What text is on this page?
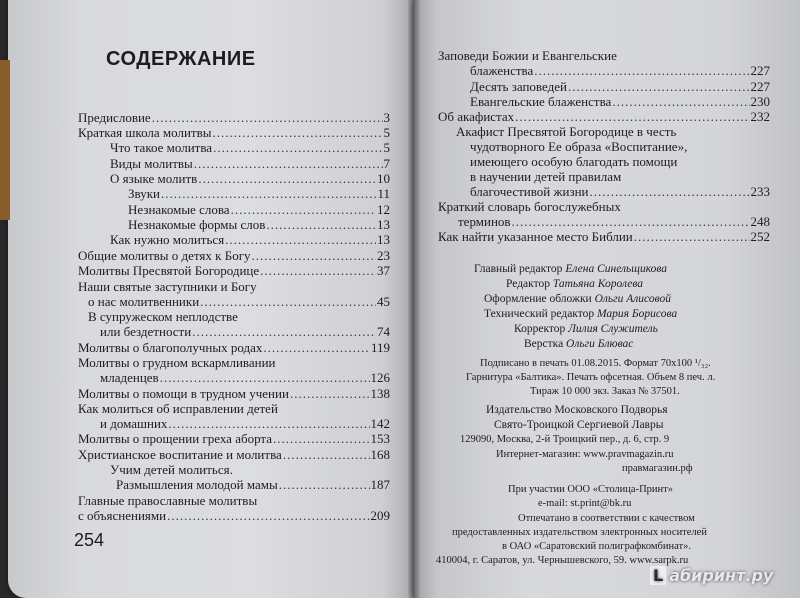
СОДЕРЖАНИЕ
Предисловие .....	3
Краткая школа молитвы .....	5
Что такое молитва .....	5
Виды молитвы .....	7
О языке молитв .....	10
Звуки .....	11
Незнакомые слова .....	12
Незнакомые формы слов .....	13
Как нужно молиться .....	13
Общие молитвы о детях к Богу .....	23
Молитвы Пресвятой Богородице .....	37
Наши святые заступники и Богу
о нас молитвенники .....	45
В супружеском неплодстве
или бездетности .....	74
Молитвы о благополучных родах .....	119
Молитвы о грудном вскармливании
младенцев .....	126
Молитвы о помощи в трудном учении .....	138
Как молиться об исправлении детей
и домашних .....	142
Молитвы о прощении греха аборта .....	153
Христианское воспитание и молитва .....	168
Учим детей молиться.
Размышления молодой мамы .....	187
Главные православные молитвы
с объяснениями .....	209
254
Заповеди Божии и Евангельские
блаженства .....	227
Десять заповедей .....	227
Евангельские блаженства .....	230
Об акафистах .....	232
Акафист Пресвятой Богородице в честь
чудотворного Ее образа «Воспитание»,
имеющего особую благодать помощи
в научении детей правилам
благочестивой жизни .....	233
Краткий словарь богослужебных
терминов .....	248
Как найти указанное место Библии .....	252
Главный редактор Елена Синельщикова
Редактор Татьяна Королева
Оформление обложки Ольги Алисовой
Технический редактор Мария Борисова
Корректор Лилия Служитель
Верстка Ольги Блювас
Подписано в печать 01.08.2015. Формат 70x100 ¹/₃₂.
Гарнитура «Балтика». Печать офсетная. Объем 8 печ. л.
Тираж 10 000 экз. Заказ № 37501.
Издательство Московского Подворья
Свято-Троицкой Сергиевой Лавры
129090, Москва, 2-й Троицкий пер., д. 6, стр. 9
Интернет-магазин: www.pravmagazin.ru
правмагазин.рф
При участии ООО «Столица-Принт»
e-mail: st.print@bk.ru
Отпечатано в соответствии с качеством
предоставленных издательством электронных носителей
в ОАО «Саратовский полиграфкомбинат».
410004, г. Саратов, ул. Чернышевского, 59. www.sarpk.ru
L абиринт.ру
